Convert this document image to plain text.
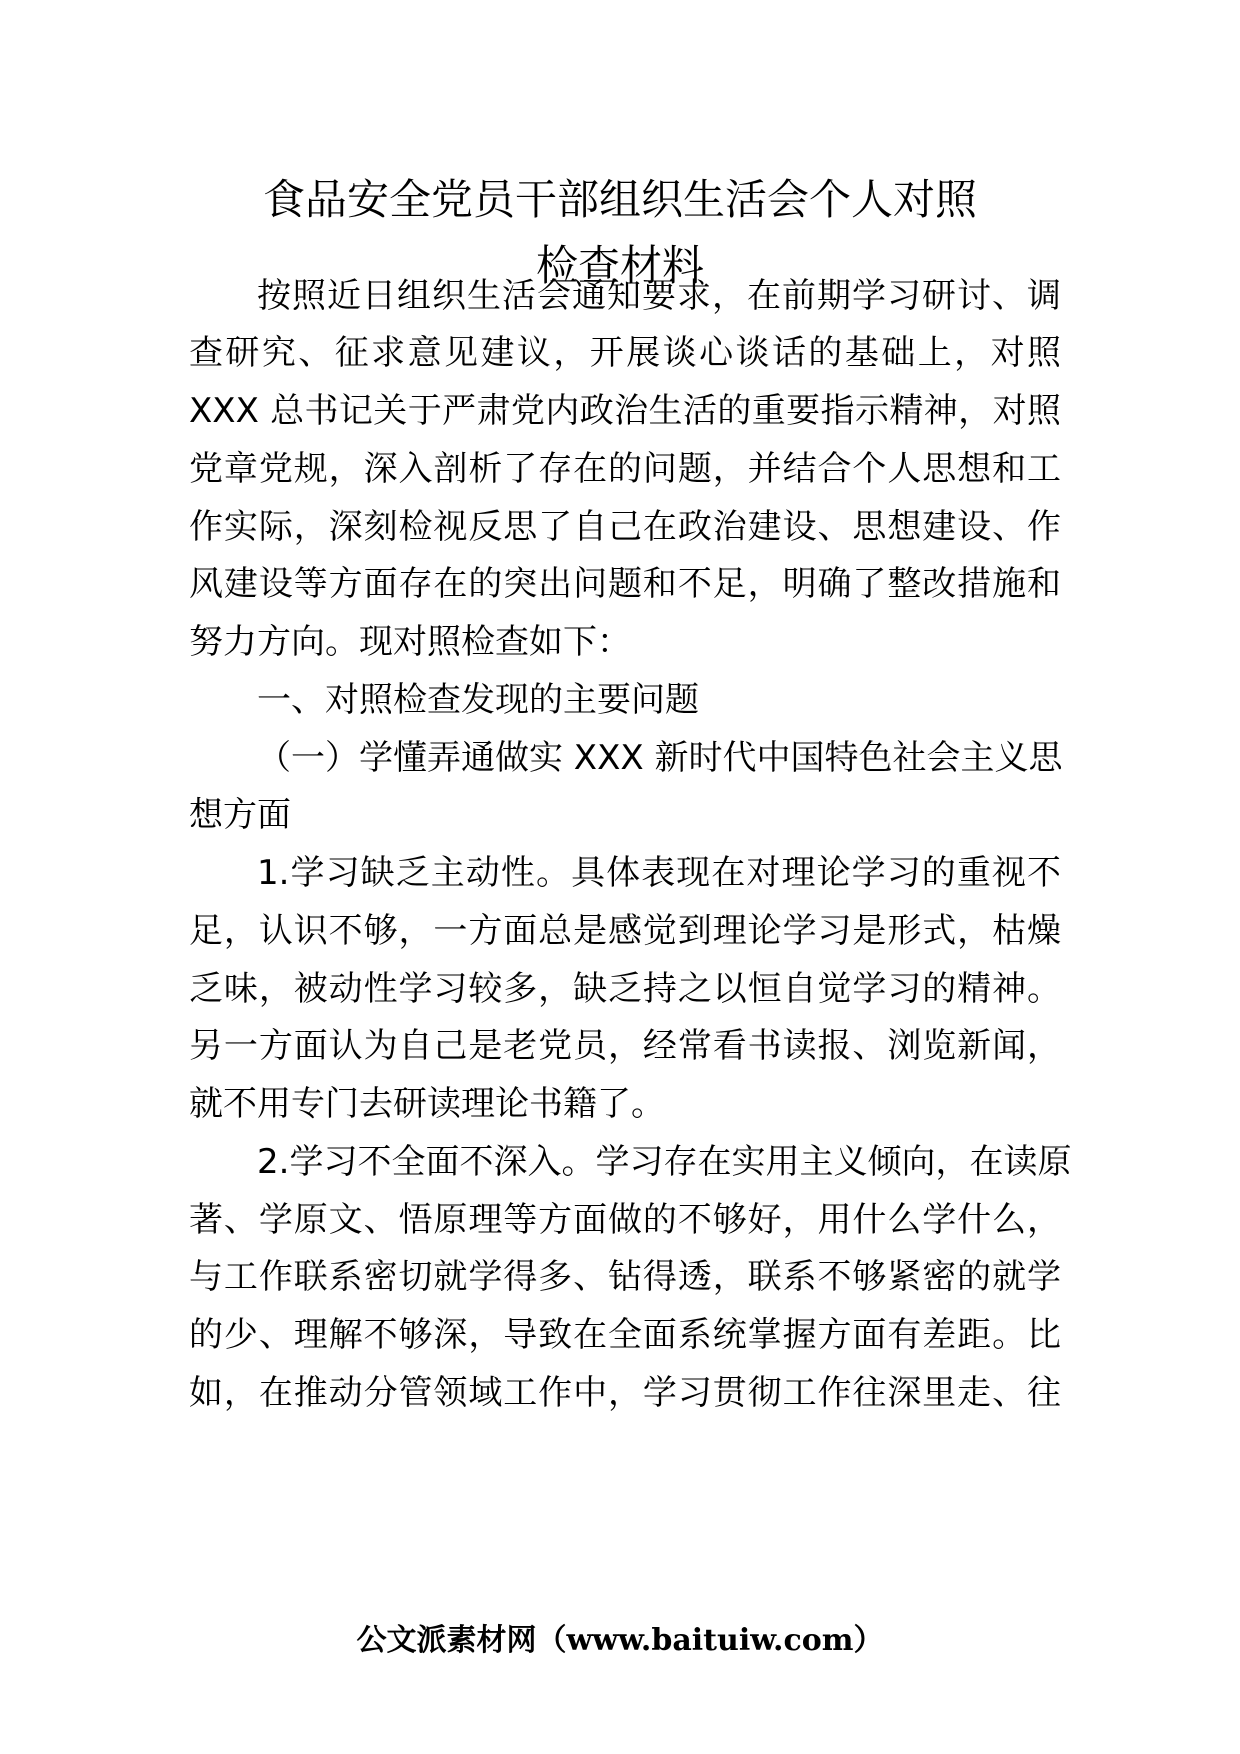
食品安全党员干部组织生活会个人对照
检查材料
按照近日组织生活会通知要求，在前期学习研讨、调
查研究、征求意见建议，开展谈心谈话的基础上，对照
XXX 总书记关于严肃党内政治生活的重要指示精神，对照
党章党规，深入剖析了存在的问题，并结合个人思想和工
作实际，深刻检视反思了自己在政治建设、思想建设、作
风建设等方面存在的突出问题和不足，明确了整改措施和
努力方向。现对照检查如下：
一、对照检查发现的主要问题
（一）学懂弄通做实 XXX 新时代中国特色社会主义思
想方面
1.学习缺乏主动性。具体表现在对理论学习的重视不
足，认识不够，一方面总是感觉到理论学习是形式，枯燥
乏味，被动性学习较多，缺乏持之以恒自觉学习的精神。
另一方面认为自己是老党员，经常看书读报、浏览新闻，
就不用专门去研读理论书籍了。
2.学习不全面不深入。学习存在实用主义倾向，在读原
著、学原文、悟原理等方面做的不够好，用什么学什么，
与工作联系密切就学得多、钻得透，联系不够紧密的就学
的少、理解不够深，导致在全面系统掌握方面有差距。比
如，在推动分管领域工作中，学习贯彻工作往深里走、往
公文派素材网（www.baituiw.com）
